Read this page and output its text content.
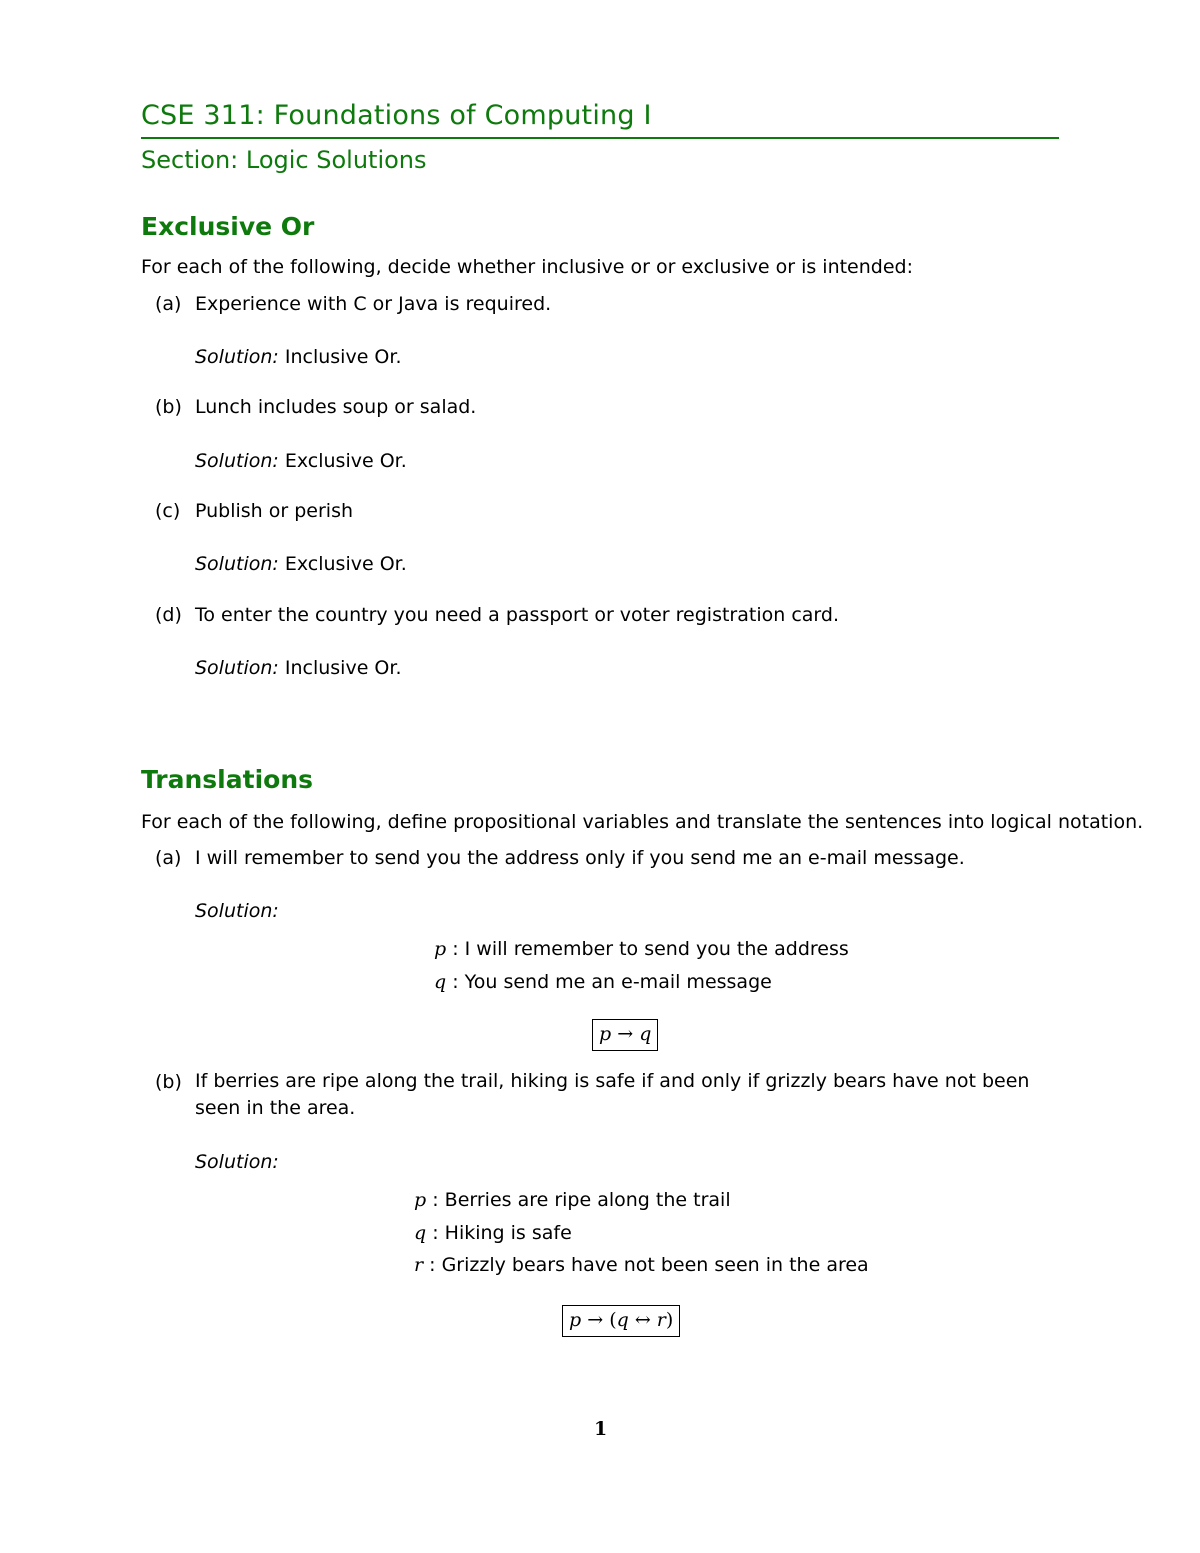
CSE 311: Foundations of Computing I
Section: Logic Solutions
Exclusive Or
For each of the following, decide whether inclusive or or exclusive or is intended:
(a) Experience with C or Java is required.
Solution: Inclusive Or.
(b) Lunch includes soup or salad.
Solution: Exclusive Or.
(c) Publish or perish
Solution: Exclusive Or.
(d) To enter the country you need a passport or voter registration card.
Solution: Inclusive Or.
Translations
For each of the following, define propositional variables and translate the sentences into logical notation.
(a) I will remember to send you the address only if you send me an e-mail message.
Solution:
p : I will remember to send you the address
q : You send me an e-mail message
p → q
(b) If berries are ripe along the trail, hiking is safe if and only if grizzly bears have not been seen in the area.
Solution:
p : Berries are ripe along the trail
q : Hiking is safe
r : Grizzly bears have not been seen in the area
p → (q ↔ r)
1
